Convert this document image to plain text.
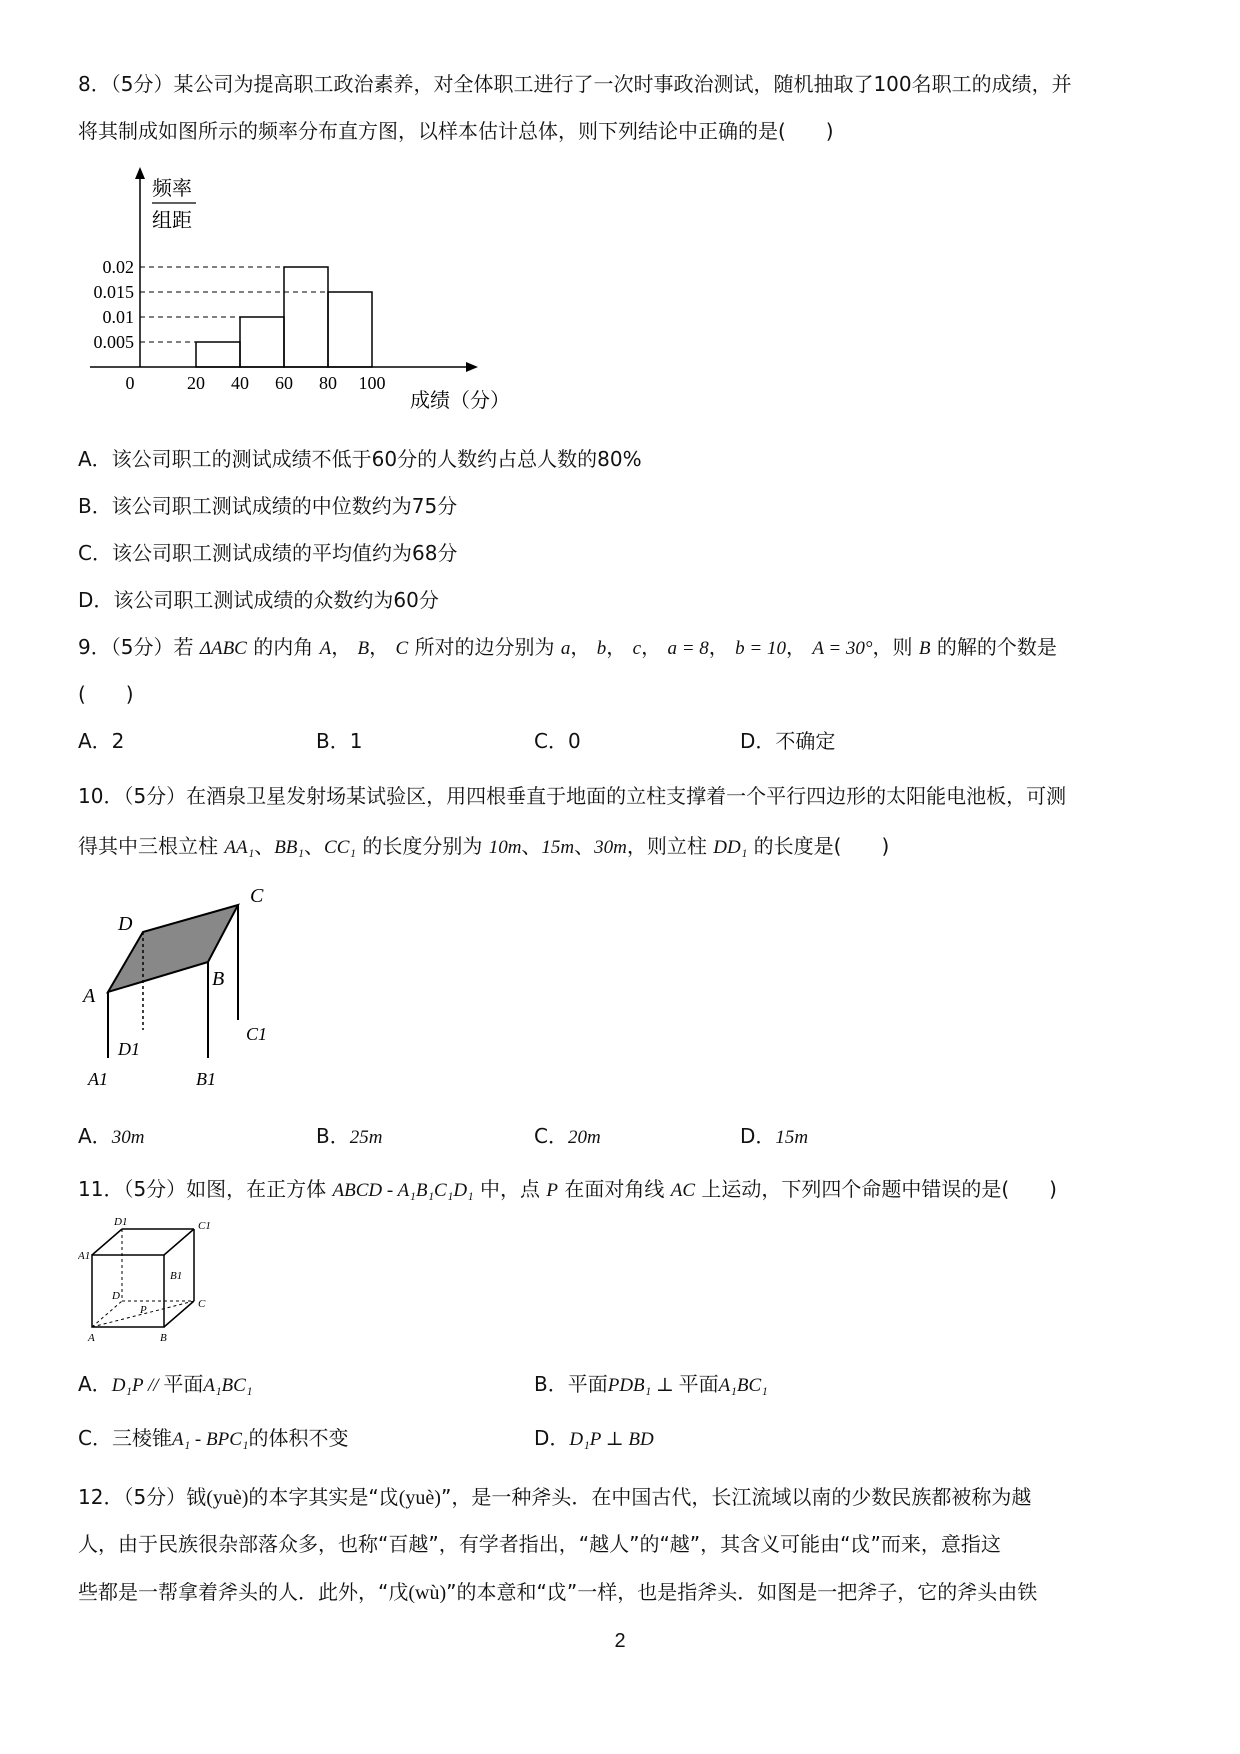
8．（5分）某公司为提高职工政治素养，对全体职工进行了一次时事政治测试，随机抽取了100名职工的成绩，并
将其制成如图所示的频率分布直方图，以样本估计总体，则下列结论中正确的是(　　)
频率
组距
成绩（分）
0.02
0.015
0.01
0.005
0	20 40 60 80 100
A．该公司职工的测试成绩不低于60分的人数约占总人数的80%
B．该公司职工测试成绩的中位数约为75分
C．该公司职工测试成绩的平均值约为68分
D．该公司职工测试成绩的众数约为60分
9．（5分）若 ΔABC 的内角 A， B， C 所对的边分别为 a， b， c， a = 8， b = 10， A = 30°，则 B 的解的个数是
(　　)
A．2	B．1	C．0	D．不确定
10．（5分）在酒泉卫星发射场某试验区，用四根垂直于地面的立柱支撑着一个平行四边形的太阳能电池板，可测
得其中三根立柱 AA₁、BB₁、CC₁ 的长度分别为 10m、15m、30m，则立柱 DD₁ 的长度是(　　)
D
C
A
B
C1
D1
A1	B1
A．30m	B．25m	C．20m	D．15m
11．（5分）如图，在正方体 ABCD - A₁B₁C₁D₁ 中，点 P 在面对角线 AC 上运动，下列四个命题中错误的是(　　)
D1	C1
A1
B1
D
C
P
A	B
A．D₁P // 平面A₁BC₁	B．平面PDB₁ ⊥ 平面A₁BC₁
C．三棱锥A₁ - BPC₁的体积不变	D．D₁P ⊥ BD
12．（5分）钺(yuè)的本字其实是“戉(yuè)”，是一种斧头．在中国古代，长江流域以南的少数民族都被称为越
人，由于民族很杂部落众多，也称“百越”，有学者指出，“越人”的“越”，其含义可能由“戉”而来，意指这
些都是一帮拿着斧头的人．此外，“戊(wù)”的本意和“戉”一样，也是指斧头．如图是一把斧子，它的斧头由铁
2
